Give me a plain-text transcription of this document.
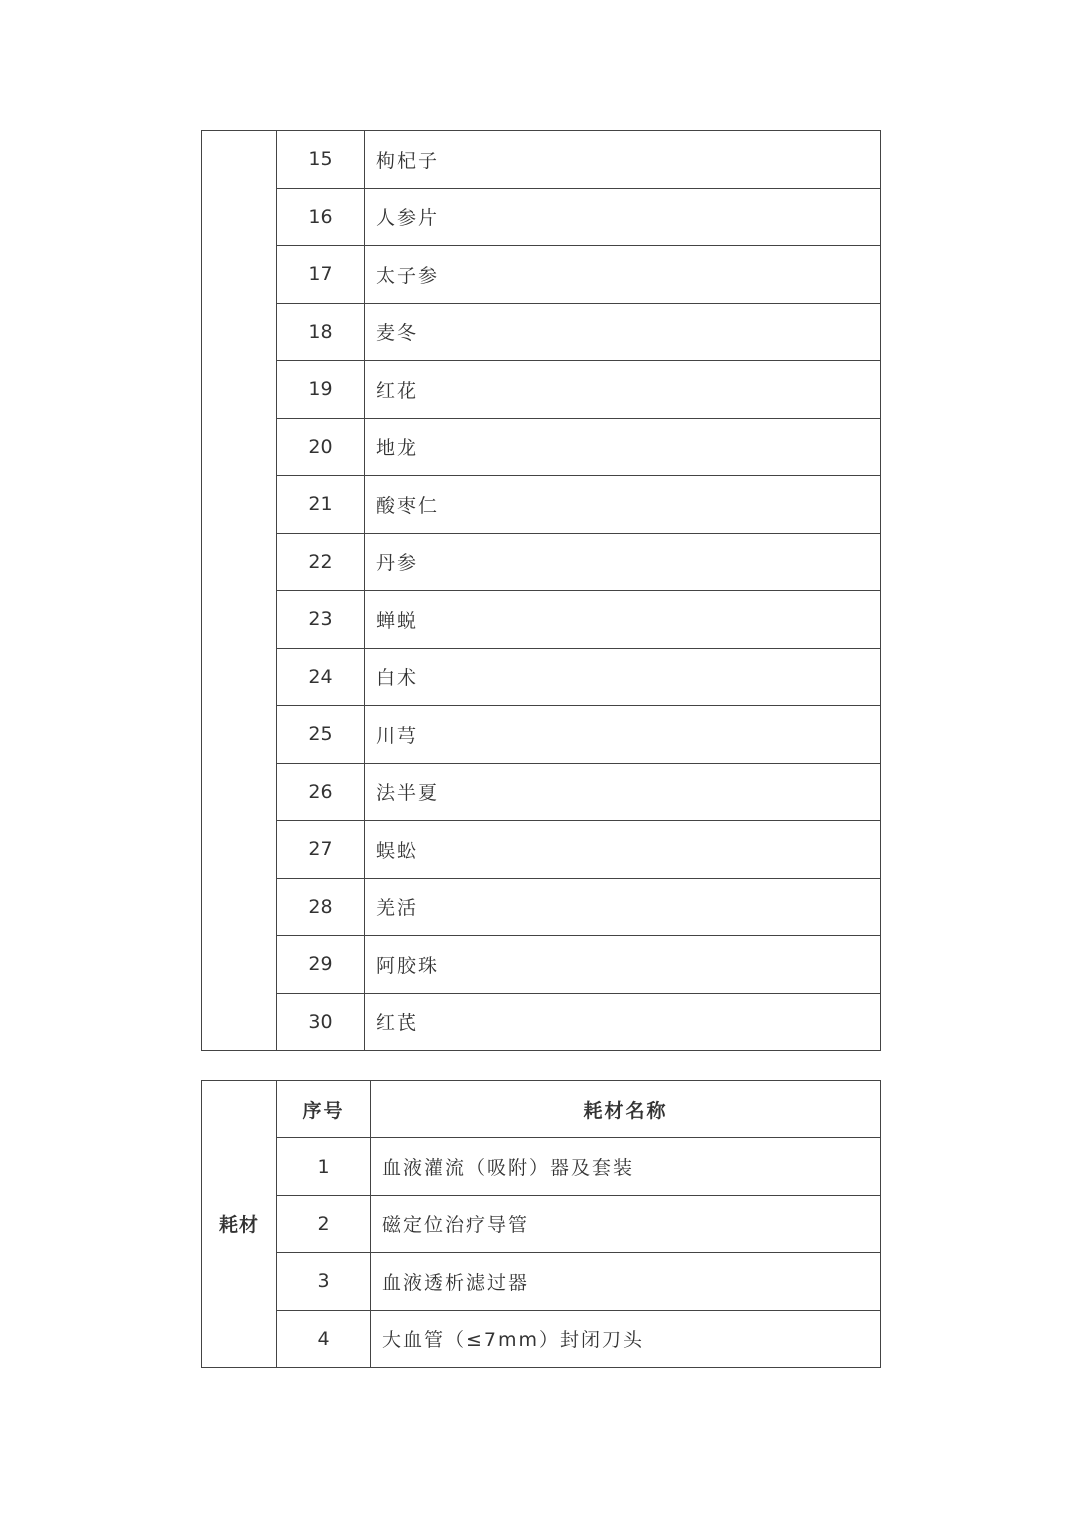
	15	枸杞子
	16	人参片
	17	太子参
	18	麦冬
	19	红花
	20	地龙
	21	酸枣仁
	22	丹参
	23	蝉蜕
	24	白术
	25	川芎
	26	法半夏
	27	蜈蚣
	28	羌活
	29	阿胶珠
	30	红芪
耗材	序号	耗材名称
	1	血液灌流（吸附）器及套装
	2	磁定位治疗导管
	3	血液透析滤过器
	4	大血管（≤7mm）封闭刀头
